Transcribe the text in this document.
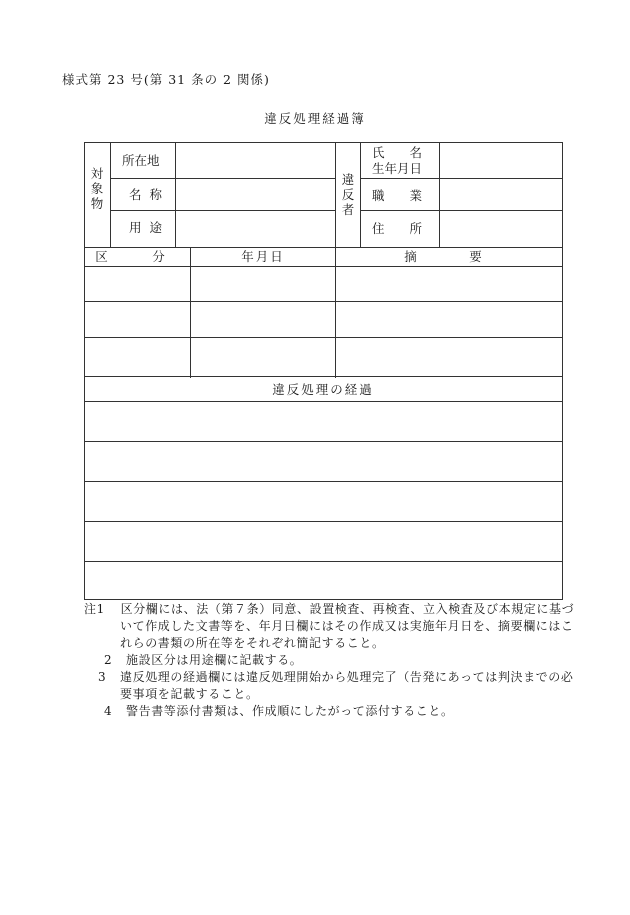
様式第 23 号(第 31 条の 2 関係)
違反処理経過簿
対象物
所在地
名称
用途
違反者
氏　　名
生年月日
職　　業
住　　所
区　分	年月日	摘　要
違反処理の経過
注1 区分欄には、法（第７条）同意、設置検査、再検査、立入検査及び本規定に基づいて作成した文書等を、年月日欄にはその作成又は実施年月日を、摘要欄にはこれらの書類の所在等をそれぞれ簡記すること。
2 施設区分は用途欄に記載する。
3 違反処理の経過欄には違反処理開始から処理完了（告発にあっては判決までの必要事項を記載すること。
4 警告書等添付書類は、作成順にしたがって添付すること。
